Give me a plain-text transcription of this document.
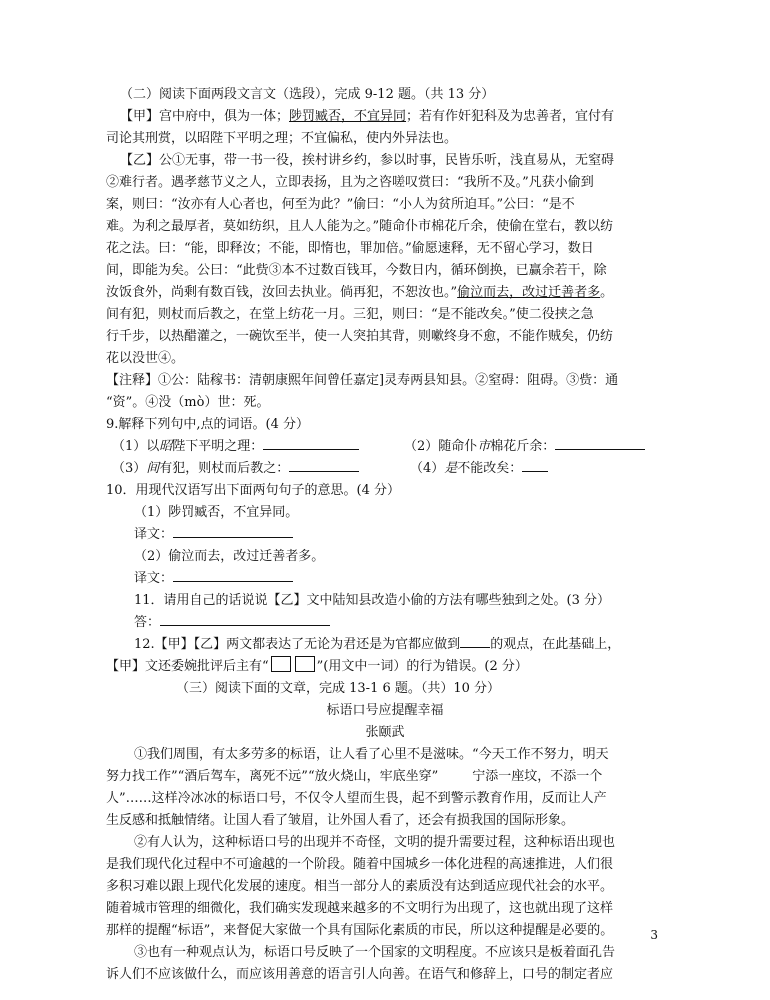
（二）阅读下面两段文言文（选段），完成 9-12 题。（共 13 分）
【甲】宫中府中，俱为一体；陟罚臧否，不宜异同；若有作奸犯科及为忠善者，宜付有
司论其刑赏，以昭陛下平明之理；不宜偏私，使内外异法也。
【乙】公①无事，带一书一役，挨村讲乡约，参以时事，民皆乐听，浅直易从，无窒碍
②难行者。遇孝慈节义之人，立即表扬，且为之咨嗟叹赏曰：“我所不及。”凡获小偷到
案，则曰：“汝亦有人心者也，何至为此？”偷曰：“小人为贫所迫耳。”公曰：“是不
难。为利之最厚者，莫如纺织，且人人能为之。”随命仆市棉花斤余，使偷在堂右，教以纺
花之法。曰：“能，即释汝；不能，即惰也，罪加倍。”偷愿速释，无不留心学习，数日
间，即能为矣。公曰：“此赀③本不过数百钱耳，今数日内，循环倒换，已赢余若干，除
汝饭食外，尚剩有数百钱，汝回去执业。倘再犯，不恕汝也。”偷泣而去，改过迁善者多。
间有犯，则杖而后教之，在堂上纺花一月。三犯，则曰：“是不能改矣。”使二役挟之急
行千步，以热醋灌之，一碗饮至半，使一人突拍其背，则嗽终身不愈，不能作贼矣，仍纺
花以没世④。
【注释】①公：陆稼书：清朝康熙年间曾任嘉定]灵寿两县知县。②窒碍：阻碍。③赀：通
“资”。④没（mò）世：死。
9.解释下列句中,点的词语。(4 分）
（1）以昭陛下平明之理：	（2）随命仆市棉花斤余：
（3）间有犯，则杖而后教之：	（4）是不能改矣：
10．用现代汉语写出下面两句句子的意思。(4 分）
（1）陟罚臧否，不宜异同。
译文：
（2）偷泣而去，改过迁善者多。
译文：
11．请用自己的话说说【乙】文中陆知县改造小偷的方法有哪些独到之处。(3 分）
答：
12.【甲】【乙】两文都表达了无论为君还是为官都应做到 的观点，在此基础上，
【甲】文还委婉批评后主有“	”(用文中一词）的行为错误。(2 分）
（三）阅读下面的文章，完成 13-1 6 题。（共）10 分）
标语口号应提醒幸福
张颐武
①我们周围，有太多劳多的标语，让人看了心里不是滋味。“今天工作不努力，明天
努力找工作”“酒后驾车，离死不远”“放火烧山，牢底坐穿”	宁添一座坟，不添一个
人”……这样冷冰冰的标语口号，不仅令人望而生畏，起不到警示教育作用，反而让人产
生反感和抵触情绪。让国人看了皱眉，让外国人看了，还会有损我国的国际形象。
②有人认为，这种标语口号的出现并不奇怪，文明的提升需要过程，这种标语出现也
是我们现代化过程中不可逾越的一个阶段。随着中国城乡一体化进程的高速推进，人们很
多积习难以跟上现代化发展的速度。相当一部分人的素质没有达到适应现代社会的水平。
随着城市管理的细微化，我们确实发现越来越多的不文明行为出现了，这也就出现了这样
那样的提醒“标语”，来督促大家做一个具有国际化素质的市民，所以这种提醒是必要的。
③也有一种观点认为，标语口号反映了一个国家的文明程度。不应该只是板着面孔告
诉人们不应该做什么，而应该用善意的语言引人向善。在语气和修辞上，口号的制定者应
3
